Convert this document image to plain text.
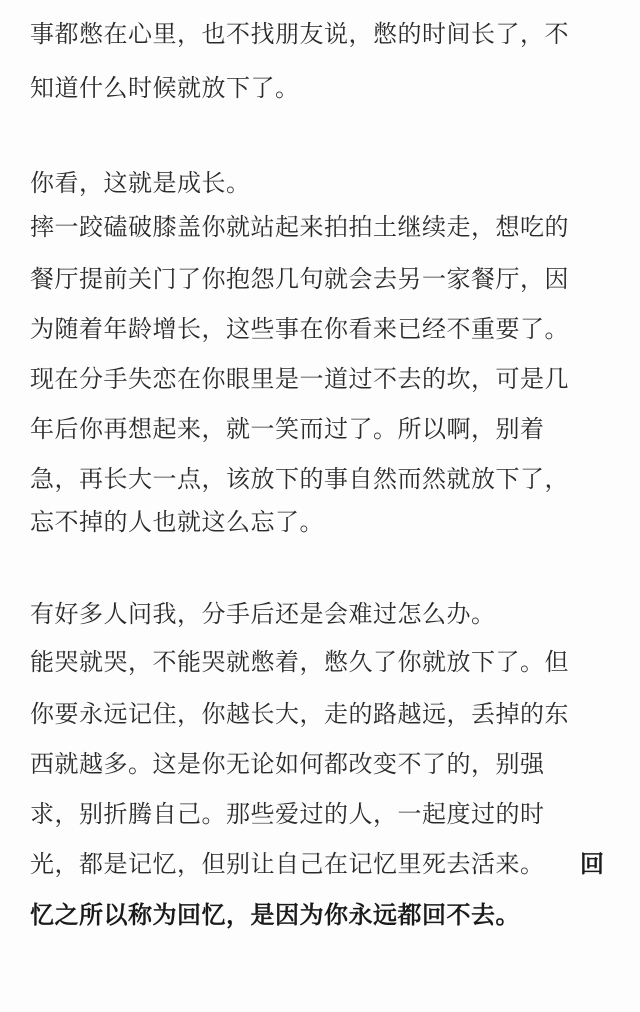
事都憋在心里，也不找朋友说，憋的时间长了，不

知道什么时候就放下了。

你看，这就是成长。

摔一跤磕破膝盖你就站起来拍拍土继续走，想吃的

餐厅提前关门了你抱怨几句就会去另一家餐厅，因

为随着年龄增长，这些事在你看来已经不重要了。

现在分手失恋在你眼里是一道过不去的坎，可是几

年后你再想起来，就一笑而过了。所以啊，别着

急，再长大一点，该放下的事自然而然就放下了，

忘不掉的人也就这么忘了。

有好多人问我，分手后还是会难过怎么办。

能哭就哭，不能哭就憋着，憋久了你就放下了。但

你要永远记住，你越长大，走的路越远，丢掉的东

西就越多。这是你无论如何都改变不了的，别强

求，别折腾自己。那些爱过的人，一起度过的时

光，都是记忆，但别让自己在记忆里死去活来。	回

忆之所以称为回忆，是因为你永远都回不去。
